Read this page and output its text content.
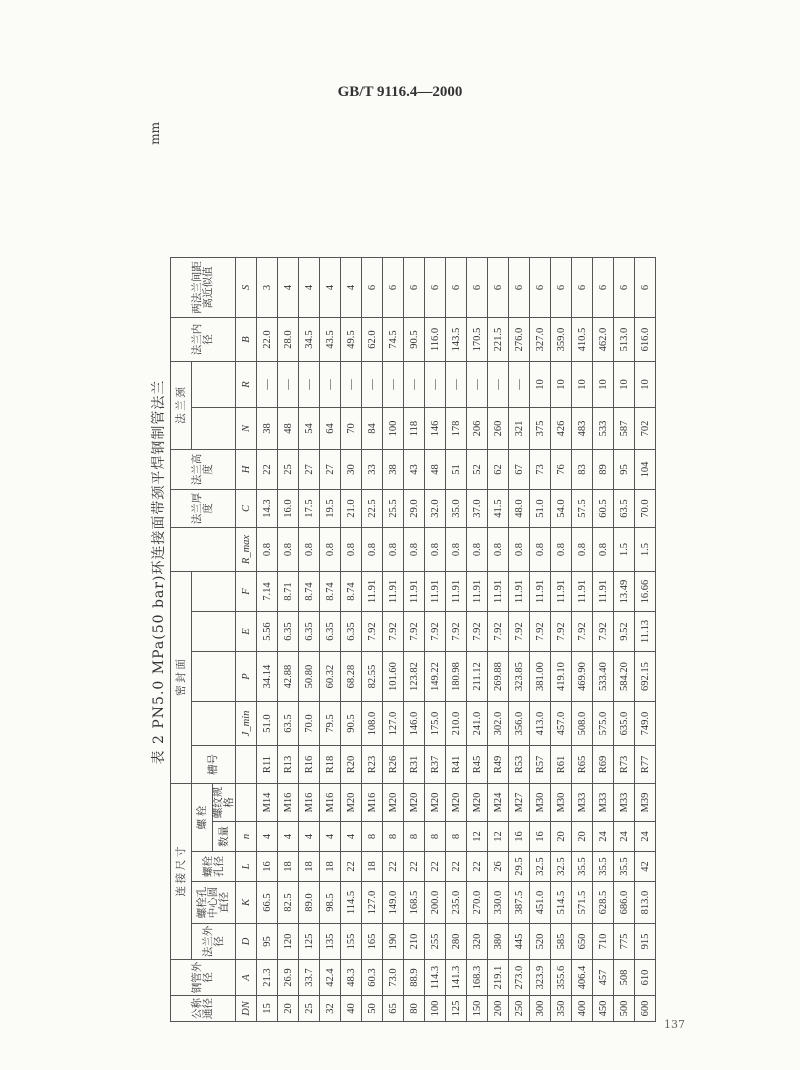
GB/T 9116.4—2000
表 2 PN5.0 MPa(50 bar)环连接面带颈平焊钢制管法兰
mm
公称通径	钢管外径	连 接 尺 寸					密 封 面						法兰厚度	法兰高度	法 兰 颈		法兰内径	两法兰间距离近似值
		法兰外径	螺栓孔中心圆直径	螺栓孔径	螺 栓		槽号											
					数量	螺纹规格												
DN	A	D	K	L	n			J_min	P	E	F	R_max	C	H	N	R	B	S
15	21.3	95	66.5	16	4	M14	R11	51.0	34.14	5.56	7.14	0.8	14.3	22	38	—	22.0	3
20	26.9	120	82.5	18	4	M16	R13	63.5	42.88	6.35	8.71	0.8	16.0	25	48	—	28.0	4
25	33.7	125	89.0	18	4	M16	R16	70.0	50.80	6.35	8.74	0.8	17.5	27	54	—	34.5	4
32	42.4	135	98.5	18	4	M16	R18	79.5	60.32	6.35	8.74	0.8	19.5	27	64	—	43.5	4
40	48.3	155	114.5	22	4	M20	R20	90.5	68.28	6.35	8.74	0.8	21.0	30	70	—	49.5	4
50	60.3	165	127.0	18	8	M16	R23	108.0	82.55	7.92	11.91	0.8	22.5	33	84	—	62.0	6
65	73.0	190	149.0	22	8	M20	R26	127.0	101.60	7.92	11.91	0.8	25.5	38	100	—	74.5	6
80	88.9	210	168.5	22	8	M20	R31	146.0	123.82	7.92	11.91	0.8	29.0	43	118	—	90.5	6
100	114.3	255	200.0	22	8	M20	R37	175.0	149.22	7.92	11.91	0.8	32.0	48	146	—	116.0	6
125	141.3	280	235.0	22	8	M20	R41	210.0	180.98	7.92	11.91	0.8	35.0	51	178	—	143.5	6
150	168.3	320	270.0	22	12	M20	R45	241.0	211.12	7.92	11.91	0.8	37.0	52	206	—	170.5	6
200	219.1	380	330.0	26	12	M24	R49	302.0	269.88	7.92	11.91	0.8	41.5	62	260	—	221.5	6
250	273.0	445	387.5	29.5	16	M27	R53	356.0	323.85	7.92	11.91	0.8	48.0	67	321	—	276.0	6
300	323.9	520	451.0	32.5	16	M30	R57	413.0	381.00	7.92	11.91	0.8	51.0	73	375	10	327.0	6
350	355.6	585	514.5	32.5	20	M30	R61	457.0	419.10	7.92	11.91	0.8	54.0	76	426	10	359.0	6
400	406.4	650	571.5	35.5	20	M33	R65	508.0	469.90	7.92	11.91	0.8	57.5	83	483	10	410.5	6
450	457	710	628.5	35.5	24	M33	R69	575.0	533.40	7.92	11.91	0.8	60.5	89	533	10	462.0	6
500	508	775	686.0	35.5	24	M33	R73	635.0	584.20	9.52	13.49	1.5	63.5	95	587	10	513.0	6
600	610	915	813.0	42	24	M39	R77	749.0	692.15	11.13	16.66	1.5	70.0	104	702	10	616.0	6
137
